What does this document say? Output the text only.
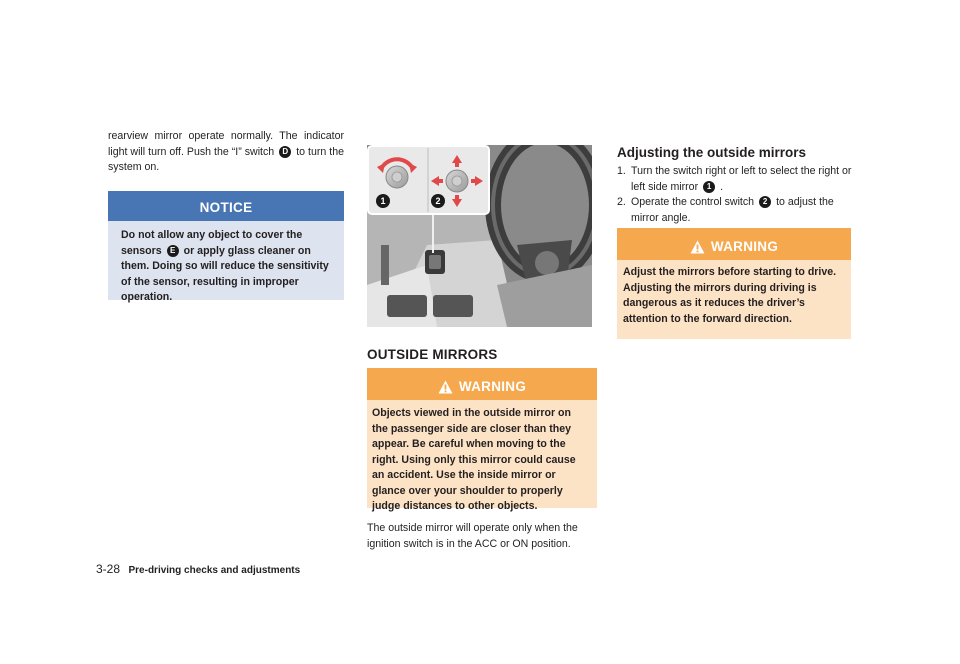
rearview mirror operate normally. The indicator light will turn off. Push the “I” switch D to turn the system on.
NOTICE
Do not allow any object to cover the sensors E or apply glass cleaner on them. Doing so will reduce the sensitivity of the sensor, resulting in improper operation.
1	2
OUTSIDE MIRRORS
WARNING
Objects viewed in the outside mirror on the passenger side are closer than they appear. Be careful when moving to the right. Using only this mirror could cause an accident. Use the inside mirror or glance over your shoulder to properly judge distances to other objects.
The outside mirror will operate only when the ignition switch is in the ACC or ON position.
Adjusting the outside mirrors
1. Turn the switch right or left to select the right or left side mirror 1 .
2. Operate the control switch 2 to adjust the mirror angle.
WARNING
Adjust the mirrors before starting to drive. Adjusting the mirrors during driving is dangerous as it reduces the driver’s attention to the forward direction.
3-28 Pre-driving checks and adjustments
